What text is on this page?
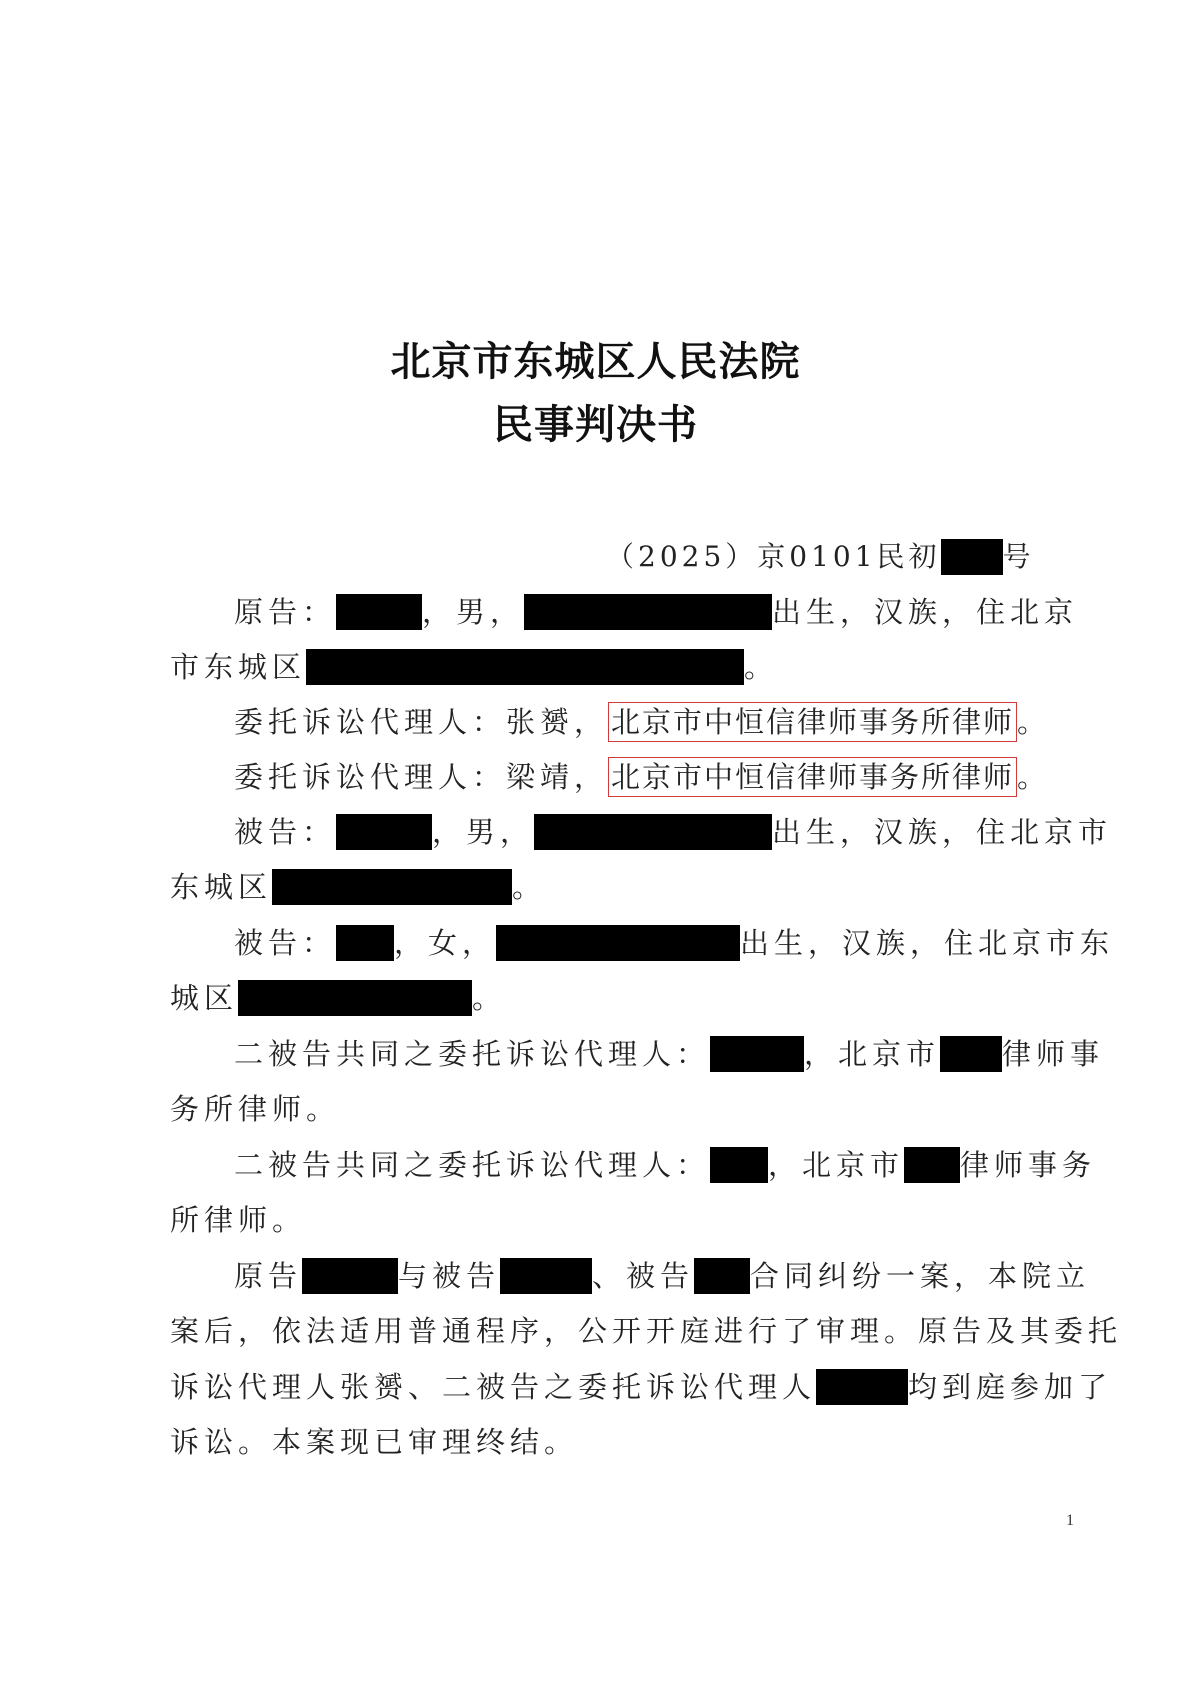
北京市东城区人民法院
民事判决书
（2025）京0101民初 号
原告：	，男，	出生，汉族，住北京
市东城区	。
委托诉讼代理人：张赟， 北京市中恒信律师事务所律师 。
委托诉讼代理人：梁靖， 北京市中恒信律师事务所律师 。
被告：	，男，	出生，汉族，住北京市
东城区	。
被告： ，女，	出生，汉族，住北京市东
城区	。
二被告共同之委托诉讼代理人：	，北京市 律师事
务所律师。
二被告共同之委托诉讼代理人： ，北京市 律师事务
所律师。
原告	与被告	、被告 合同纠纷一案，本院立
案后，依法适用普通程序，公开开庭进行了审理。原告及其委托
诉讼代理人张赟、二被告之委托诉讼代理人	均到庭参加了
诉讼。本案现已审理终结。
1
